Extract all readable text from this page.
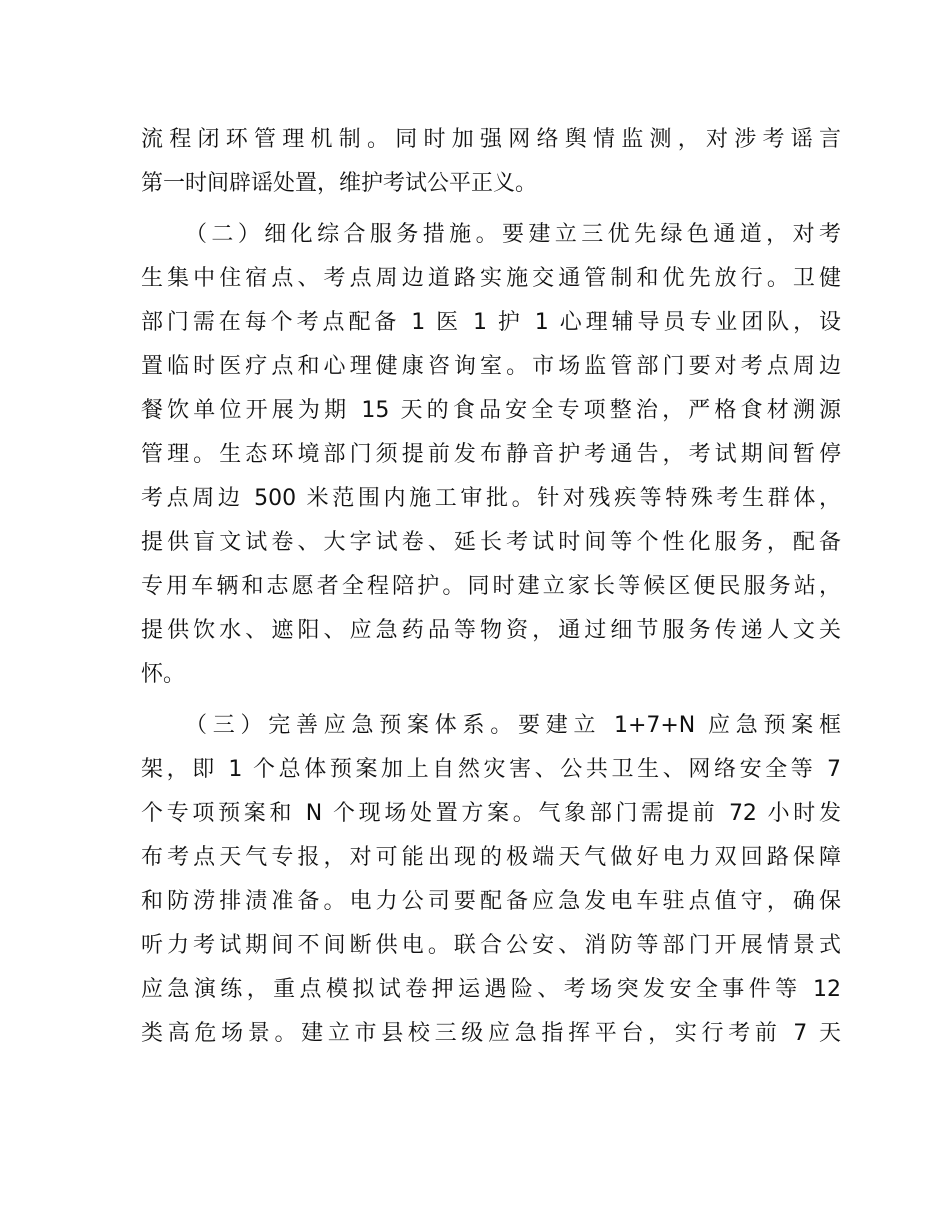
流程闭环管理机制。同时加强网络舆情监测，对涉考谣言
第一时间辟谣处置，维护考试公平正义。
（二）细化综合服务措施。要建立三优先绿色通道，对考
生集中住宿点、考点周边道路实施交通管制和优先放行。卫健
部门需在每个考点配备 1 医 1 护 1 心理辅导员专业团队，设
置临时医疗点和心理健康咨询室。市场监管部门要对考点周边
餐饮单位开展为期 15 天的食品安全专项整治，严格食材溯源
管理。生态环境部门须提前发布静音护考通告，考试期间暂停
考点周边 500 米范围内施工审批。针对残疾等特殊考生群体，
提供盲文试卷、大字试卷、延长考试时间等个性化服务，配备
专用车辆和志愿者全程陪护。同时建立家长等候区便民服务站，
提供饮水、遮阳、应急药品等物资，通过细节服务传递人文关
怀。
（三）完善应急预案体系。要建立 1+7+N 应急预案框
架，即 1 个总体预案加上自然灾害、公共卫生、网络安全等 7
个专项预案和 N 个现场处置方案。气象部门需提前 72 小时发
布考点天气专报，对可能出现的极端天气做好电力双回路保障
和防涝排渍准备。电力公司要配备应急发电车驻点值守，确保
听力考试期间不间断供电。联合公安、消防等部门开展情景式
应急演练，重点模拟试卷押运遇险、考场突发安全事件等 12
类高危场景。建立市县校三级应急指挥平台，实行考前 7 天
